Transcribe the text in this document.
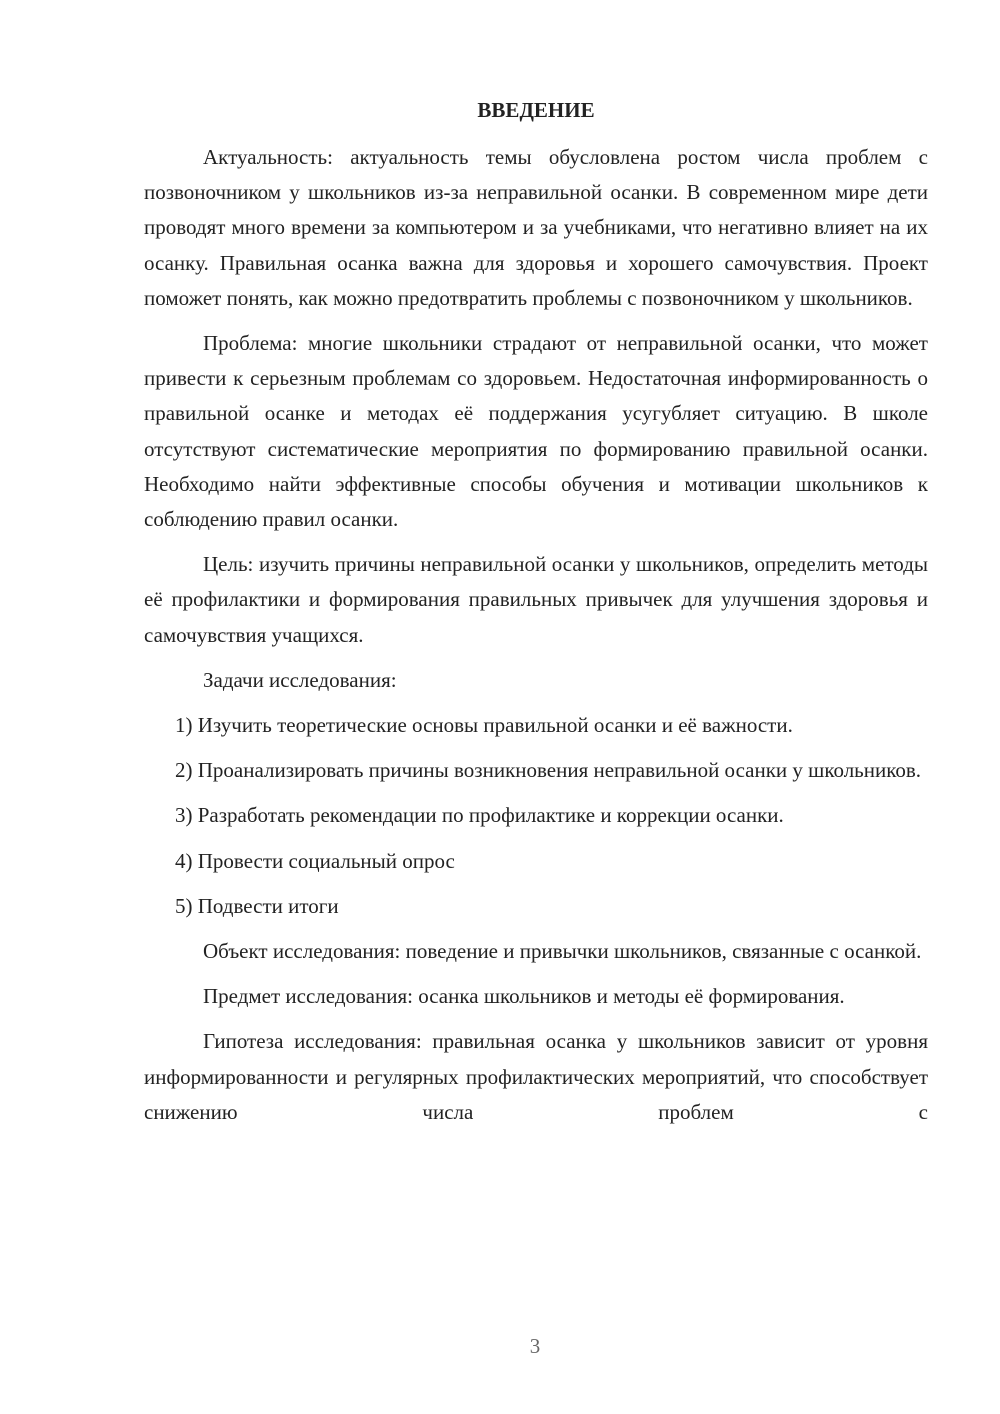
ВВЕДЕНИЕ

Актуальность: актуальность темы обусловлена ростом числа проблем с позвоночником у школьников из-за неправильной осанки. В современном мире дети проводят много времени за компьютером и за учебниками, что негативно влияет на их осанку. Правильная осанка важна для здоровья и хорошего самочувствия. Проект поможет понять, как можно предотвратить проблемы с позвоночником у школьников.

Проблема: многие школьники страдают от неправильной осанки, что может привести к серьезным проблемам со здоровьем. Недостаточная информированность о правильной осанке и методах её поддержания усугубляет ситуацию. В школе отсутствуют систематические мероприятия по формированию правильной осанки. Необходимо найти эффективные способы обучения и мотивации школьников к соблюдению правил осанки.

Цель: изучить причины неправильной осанки у школьников, определить методы её профилактики и формирования правильных привычек для улучшения здоровья и самочувствия учащихся.

Задачи исследования:

1) Изучить теоретические основы правильной осанки и её важности.

2) Проанализировать причины возникновения неправильной осанки у школьников.

3) Разработать рекомендации по профилактике и коррекции осанки.

4) Провести социальный опрос

5) Подвести итоги

Объект исследования: поведение и привычки школьников, связанные с осанкой.

Предмет исследования: осанка школьников и методы её формирования.

Гипотеза исследования: правильная осанка у школьников зависит от уровня информированности и регулярных профилактических мероприятий, что способствует снижению числа проблем с

3
